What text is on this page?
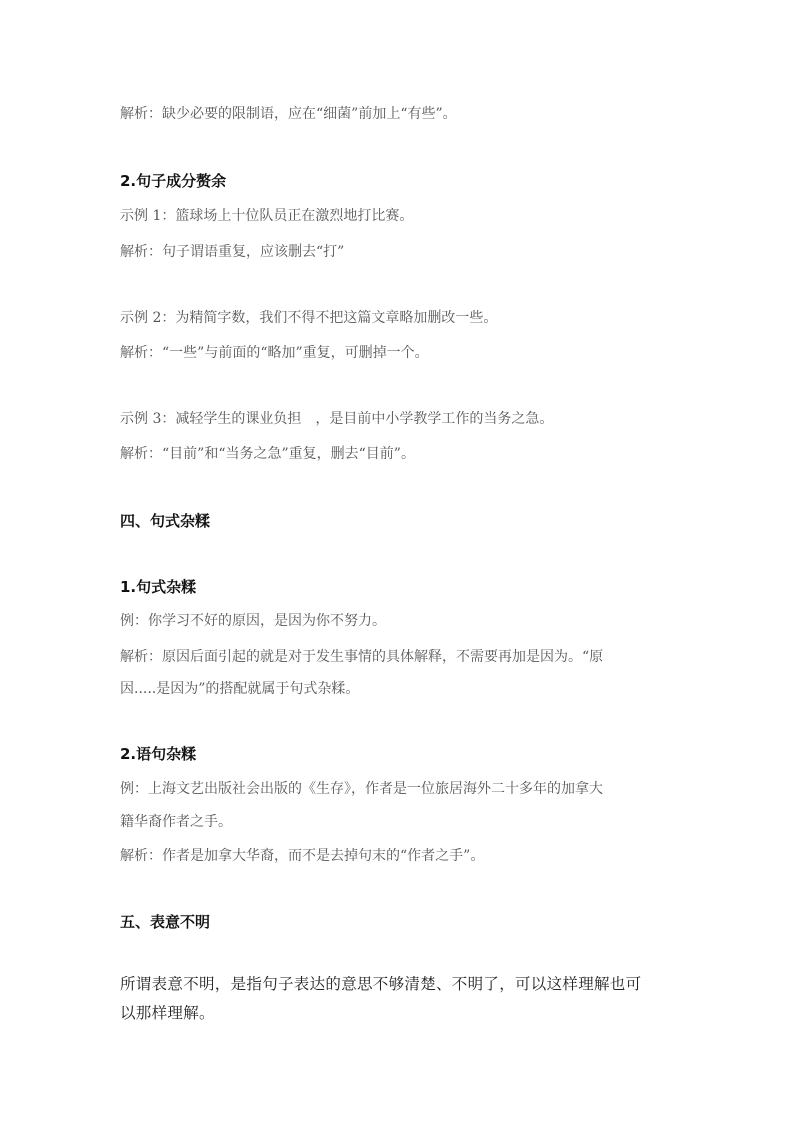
解析：缺少必要的限制语，应在“细菌”前加上“有些”。
2.句子成分赘余
示例 1：篮球场上十位队员正在激烈地打比赛。
解析：句子谓语重复，应该删去“打”
示例 2：为精简字数，我们不得不把这篇文章略加删改一些。
解析：“一些”与前面的“略加”重复，可删掉一个。
示例 3：减轻学生的课业负担　，是目前中小学教学工作的当务之急。
解析：“目前”和“当务之急”重复，删去“目前”。
四、句式杂糅
1.句式杂糅
例：你学习不好的原因，是因为你不努力。
解析：原因后面引起的就是对于发生事情的具体解释，不需要再加是因为。“原
因.....是因为”的搭配就属于句式杂糅。
2.语句杂糅
例：上海文艺出版社会出版的《生存》，作者是一位旅居海外二十多年的加拿大
籍华裔作者之手。
解析：作者是加拿大华裔，而不是去掉句末的“作者之手”。
五、表意不明
所谓表意不明，是指句子表达的意思不够清楚、不明了，可以这样理解也可
以那样理解。
